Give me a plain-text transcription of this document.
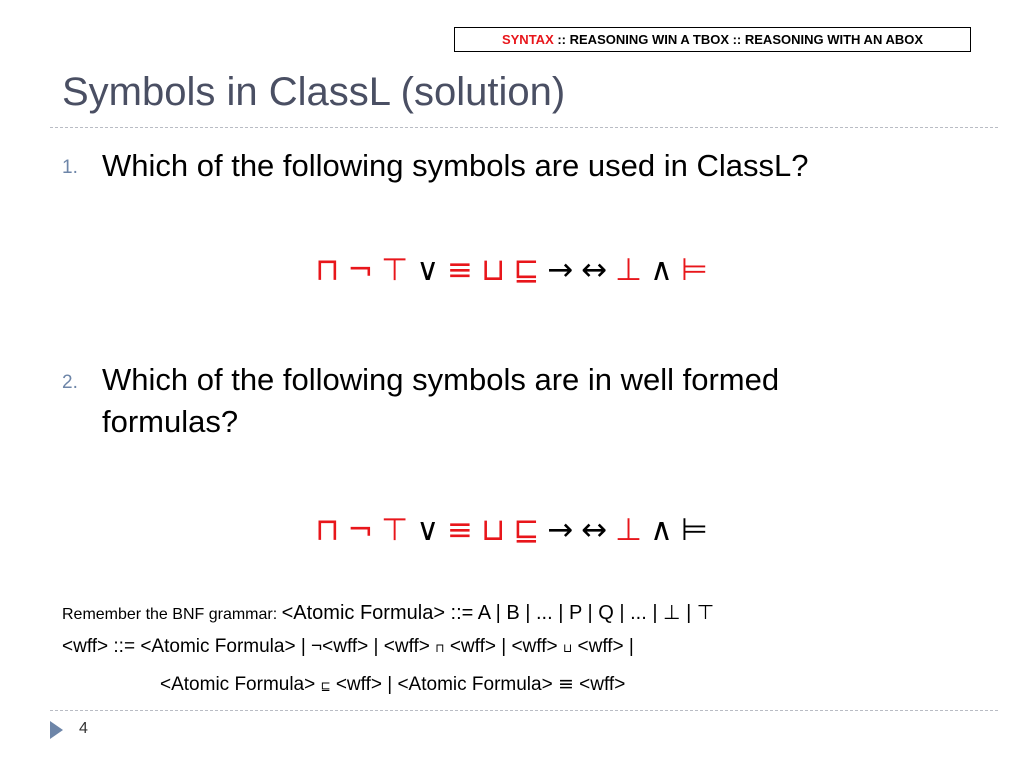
SYNTAX :: REASONING WIN A TBOX :: REASONING WITH AN ABOX
Symbols in ClassL (solution)
1. Which of the following symbols are used in ClassL?
⊓ ¬ ⊤ ∨ ≡ ⊔ ⊑ → ↔ ⊥ ∧ ⊨
2. Which of the following symbols are in well formed
formulas?
⊓ ¬ ⊤ ∨ ≡ ⊔ ⊑ → ↔ ⊥ ∧ ⊨
Remember the BNF grammar: <Atomic Formula> ::= A | B | ... | P | Q | ... | ⊥ | ⊤
<wff> ::= <Atomic Formula> | ¬<wff> | <wff> ⊓ <wff> | <wff> ⊔ <wff> |
<Atomic Formula> ⊑ <wff> | <Atomic Formula> ≡ <wff>
4
